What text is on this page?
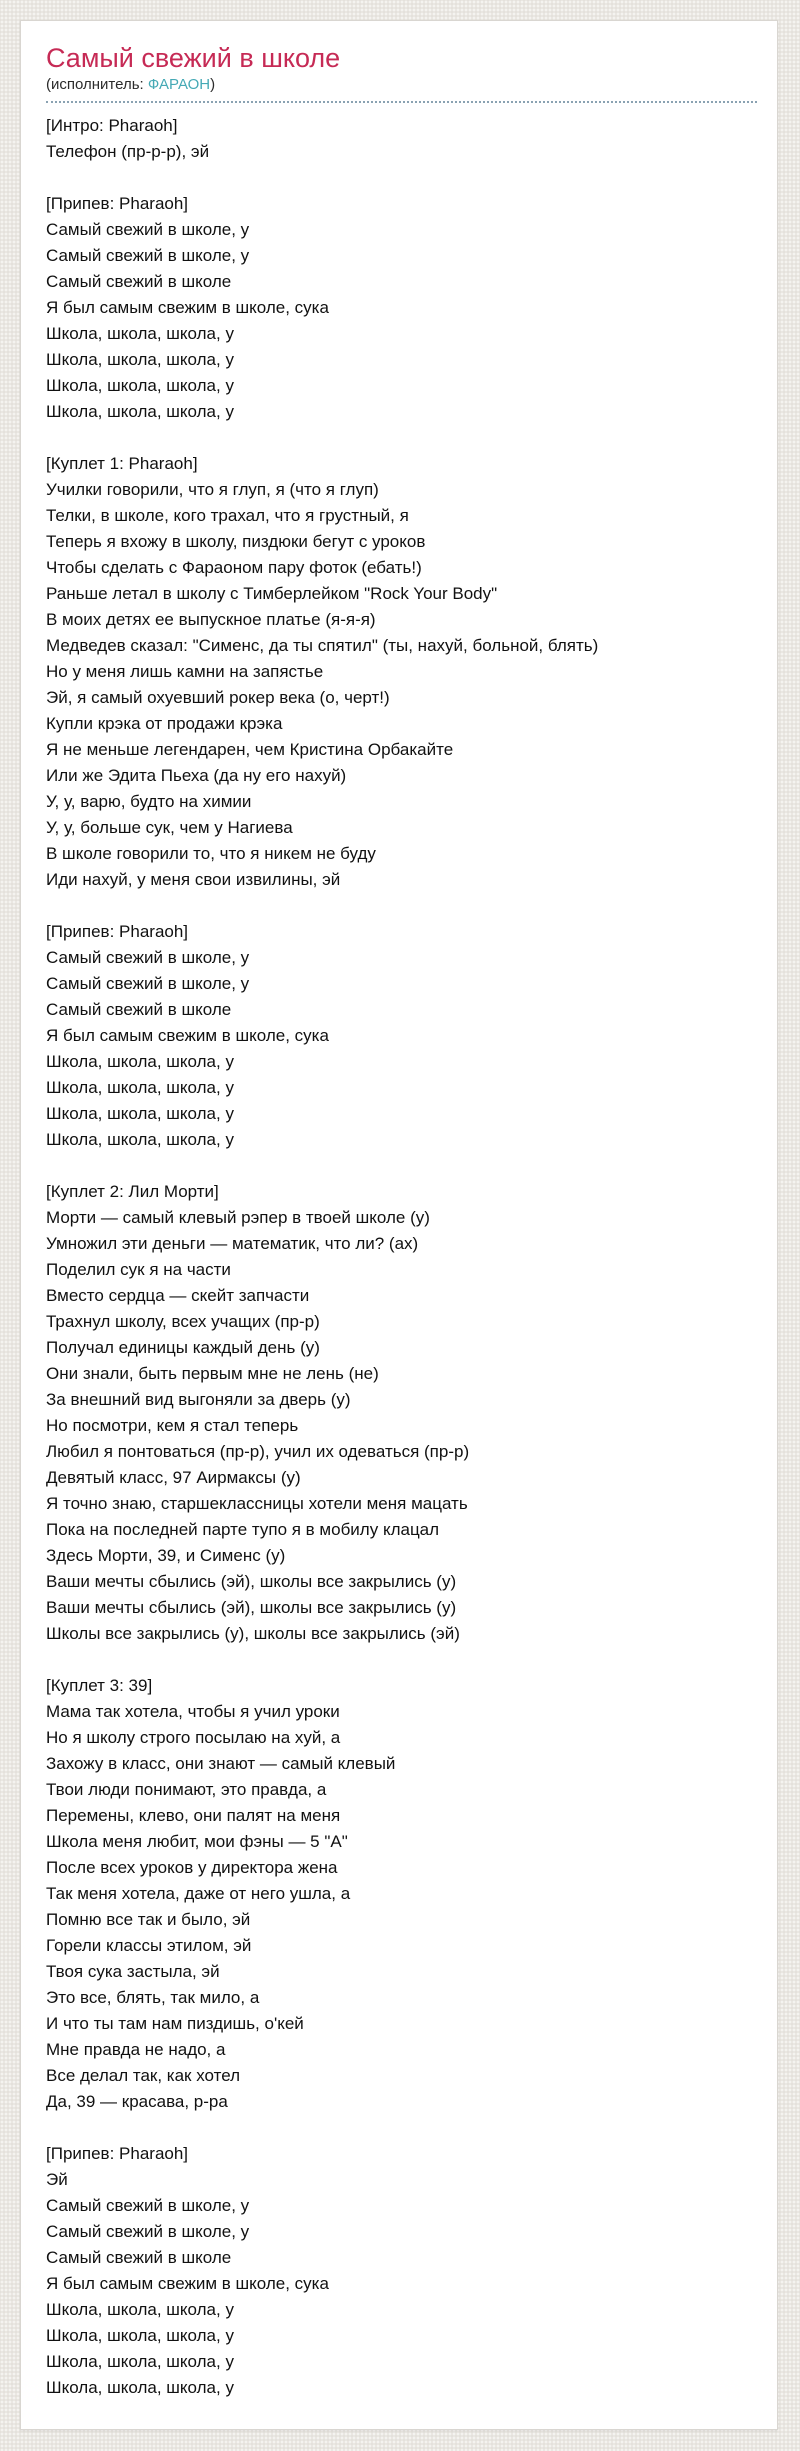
Самый свежий в школе
(исполнитель: ФАРАОН)
[Интро: Pharaoh]
Телефон (пр-р-р), эй
[Припев: Pharaoh]
Самый свежий в школе, у
Самый свежий в школе, у
Самый свежий в школе
Я был самым свежим в школе, сука
Школа, школа, школа, у
Школа, школа, школа, у
Школа, школа, школа, у
Школа, школа, школа, у
[Куплет 1: Pharaoh]
Училки говорили, что я глуп, я (что я глуп)
Телки, в школе, кого трахал, что я грустный, я
Теперь я вхожу в школу, пиздюки бегут с уроков
Чтобы сделать с Фараоном пару фоток (ебать!)
Раньше летал в школу с Тимберлейком "Rock Your Body"
В моих детях ее выпускное платье (я-я-я)
Медведев сказал: "Сименс, да ты спятил" (ты, нахуй, больной, блять)
Но у меня лишь камни на запястье
Эй, я самый охуевший рокер века (о, черт!)
Купли крэка от продажи крэка
Я не меньше легендарен, чем Кристина Орбакайте
Или же Эдита Пьеха (да ну его нахуй)
У, у, варю, будто на химии
У, у, больше сук, чем у Нагиева
В школе говорили то, что я никем не буду
Иди нахуй, у меня свои извилины, эй
[Припев: Pharaoh]
Самый свежий в школе, у
Самый свежий в школе, у
Самый свежий в школе
Я был самым свежим в школе, сука
Школа, школа, школа, у
Школа, школа, школа, у
Школа, школа, школа, у
Школа, школа, школа, у
[Куплет 2: Лил Морти]
Морти — самый клевый рэпер в твоей школе (у)
Умножил эти деньги — математик, что ли? (ах)
Поделил сук я на части
Вместо сердца — скейт запчасти
Трахнул школу, всех учащих (пр-р)
Получал единицы каждый день (у)
Они знали, быть первым мне не лень (не)
За внешний вид выгоняли за дверь (у)
Но посмотри, кем я стал теперь
Любил я понтоваться (пр-р), учил их одеваться (пр-р)
Девятый класс, 97 Аирмаксы (у)
Я точно знаю, старшеклассницы хотели меня мацать
Пока на последней парте тупо я в мобилу клацал
Здесь Морти, 39, и Сименс (у)
Ваши мечты сбылись (эй), школы все закрылись (у)
Ваши мечты сбылись (эй), школы все закрылись (у)
Школы все закрылись (у), школы все закрылись (эй)
[Куплет 3: 39]
Мама так хотела, чтобы я учил уроки
Но я школу строго посылаю на хуй, а
Захожу в класс, они знают — самый клевый
Твои люди понимают, это правда, а
Перемены, клево, они палят на меня
Школа меня любит, мои фэны — 5 "А"
После всех уроков у директора жена
Так меня хотела, даже от него ушла, а
Помню все так и было, эй
Горели классы этилом, эй
Твоя сука застыла, эй
Это все, блять, так мило, а
И что ты там нам пиздишь, о'кей
Мне правда не надо, а
Все делал так, как хотел
Да, 39 — красава, р-ра
[Припев: Pharaoh]
Эй
Самый свежий в школе, у
Самый свежий в школе, у
Самый свежий в школе
Я был самым свежим в школе, сука
Школа, школа, школа, у
Школа, школа, школа, у
Школа, школа, школа, у
Школа, школа, школа, у
